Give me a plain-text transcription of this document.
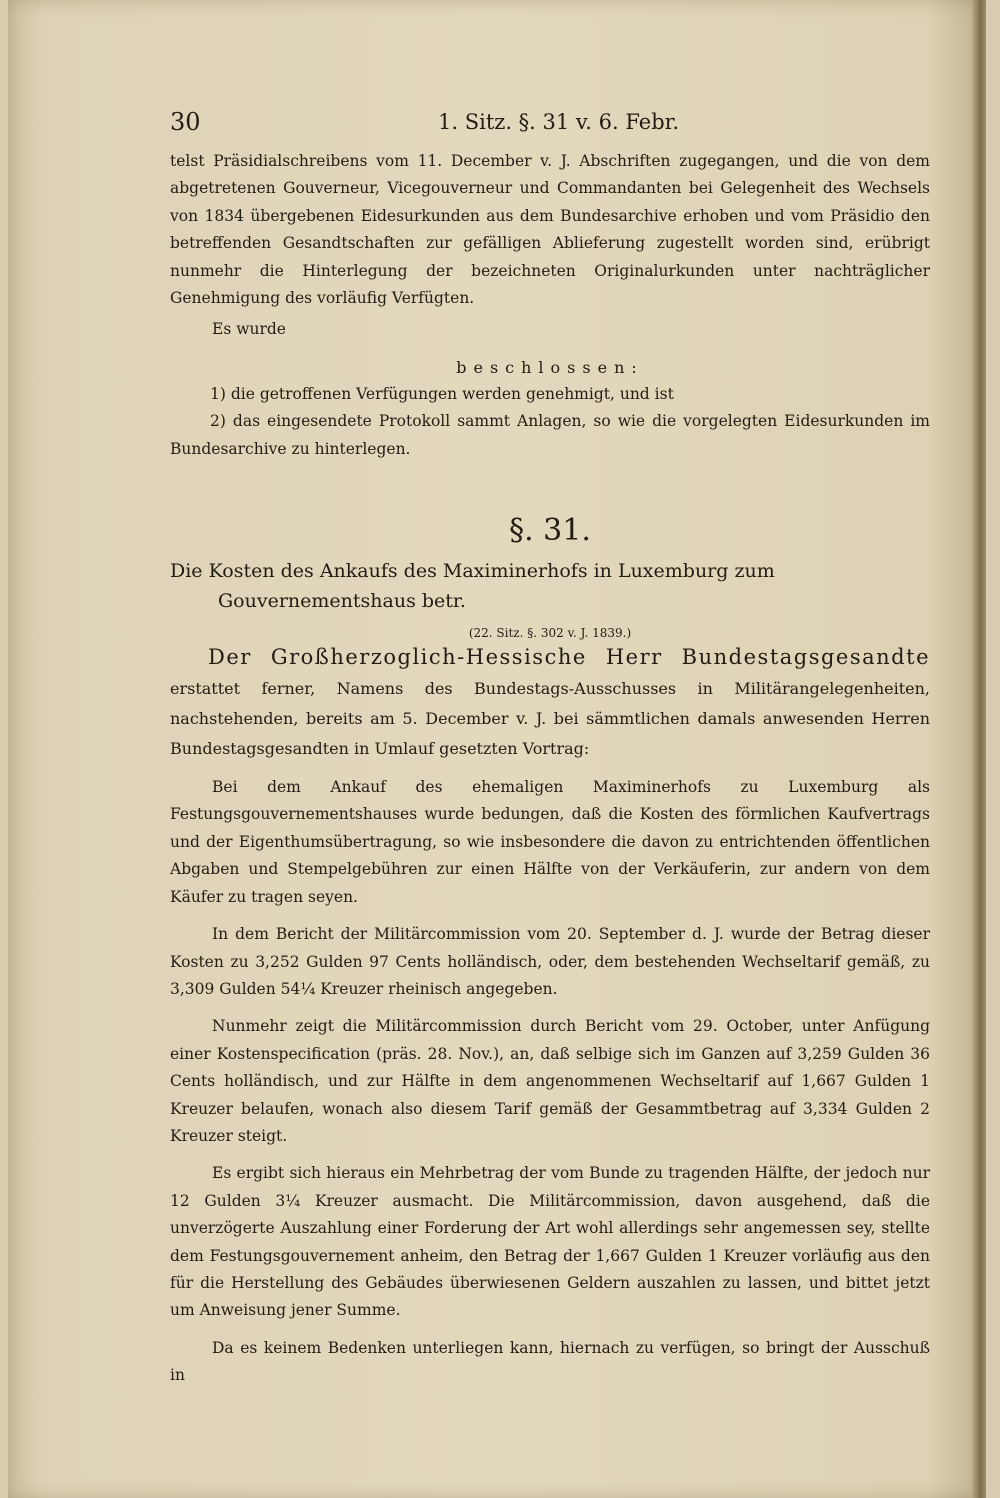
30	1. Sitz. §. 31 v. 6. Febr.

telst Präsidialschreibens vom 11. December v. J. Abschriften zugegangen, und die von dem abgetretenen Gouverneur, Vicegouverneur und Commandanten bei Gelegenheit des Wechsels von 1834 übergebenen Eidesurkunden aus dem Bundesarchive erhoben und vom Präsidio den betreffenden Gesandtschaften zur gefälligen Ablieferung zugestellt worden sind, erübrigt nunmehr die Hinterlegung der bezeichneten Originalurkunden unter nachträglicher Genehmigung des vorläufig Verfügten.

Es wurde

beschlossen:

1) die getroffenen Verfügungen werden genehmigt, und ist

2) das eingesendete Protokoll sammt Anlagen, so wie die vorgelegten Eidesurkunden im Bundesarchive zu hinterlegen.

§. 31.

Die Kosten des Ankaufs des Maximinerhofs in Luxemburg zum Gouvernementshaus betr.

(22. Sitz. §. 302 v. J. 1839.)

Der Großherzoglich-Hessische Herr Bundestagsgesandte erstattet ferner, Namens des Bundestags-Ausschusses in Militärangelegenheiten, nachstehenden, bereits am 5. December v. J. bei sämmtlichen damals anwesenden Herren Bundestagsgesandten in Umlauf gesetzten Vortrag:

Bei dem Ankauf des ehemaligen Maximinerhofs zu Luxemburg als Festungsgouvernementshauses wurde bedungen, daß die Kosten des förmlichen Kaufvertrags und der Eigenthumsübertragung, so wie insbesondere die davon zu entrichtenden öffentlichen Abgaben und Stempelgebühren zur einen Hälfte von der Verkäuferin, zur andern von dem Käufer zu tragen seyen.

In dem Bericht der Militärcommission vom 20. September d. J. wurde der Betrag dieser Kosten zu 3,252 Gulden 97 Cents holländisch, oder, dem bestehenden Wechseltarif gemäß, zu 3,309 Gulden 54¼ Kreuzer rheinisch angegeben.

Nunmehr zeigt die Militärcommission durch Bericht vom 29. October, unter Anfügung einer Kostenspecification (präs. 28. Nov.), an, daß selbige sich im Ganzen auf 3,259 Gulden 36 Cents holländisch, und zur Hälfte in dem angenommenen Wechseltarif auf 1,667 Gulden 1 Kreuzer belaufen, wonach also diesem Tarif gemäß der Gesammtbetrag auf 3,334 Gulden 2 Kreuzer steigt.

Es ergibt sich hieraus ein Mehrbetrag der vom Bunde zu tragenden Hälfte, der jedoch nur 12 Gulden 3¼ Kreuzer ausmacht. Die Militärcommission, davon ausgehend, daß die unverzögerte Auszahlung einer Forderung der Art wohl allerdings sehr angemessen sey, stellte dem Festungsgouvernement anheim, den Betrag der 1,667 Gulden 1 Kreuzer vorläufig aus den für die Herstellung des Gebäudes überwiesenen Geldern auszahlen zu lassen, und bittet jetzt um Anweisung jener Summe.

Da es keinem Bedenken unterliegen kann, hiernach zu verfügen, so bringt der Ausschuß in
